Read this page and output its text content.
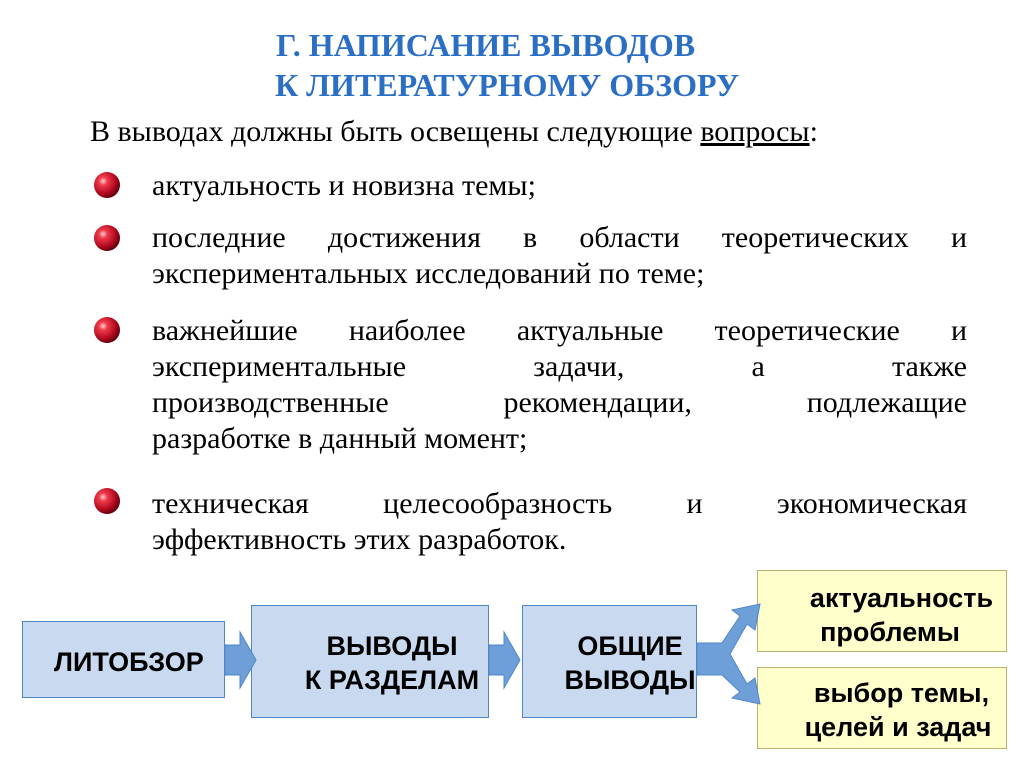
Г. НАПИСАНИЕ ВЫВОДОВ
К ЛИТЕРАТУРНОМУ ОБЗОРУ
В выводах должны быть освещены следующие вопросы:
актуальность и новизна темы;
последние достижения в области теоретических и
экспериментальных исследований по теме;
важнейшие наиболее актуальные теоретические и
экспериментальные задачи, а также
производственные рекомендации, подлежащие
разработке в данный момент;
техническая целесообразность и экономическая
эффективность этих разработок.
ЛИТОБЗОР
ВЫВОДЫ
К РАЗДЕЛАМ
ОБЩИЕ
ВЫВОДЫ
актуальность
проблемы
выбор темы,
целей и задач
